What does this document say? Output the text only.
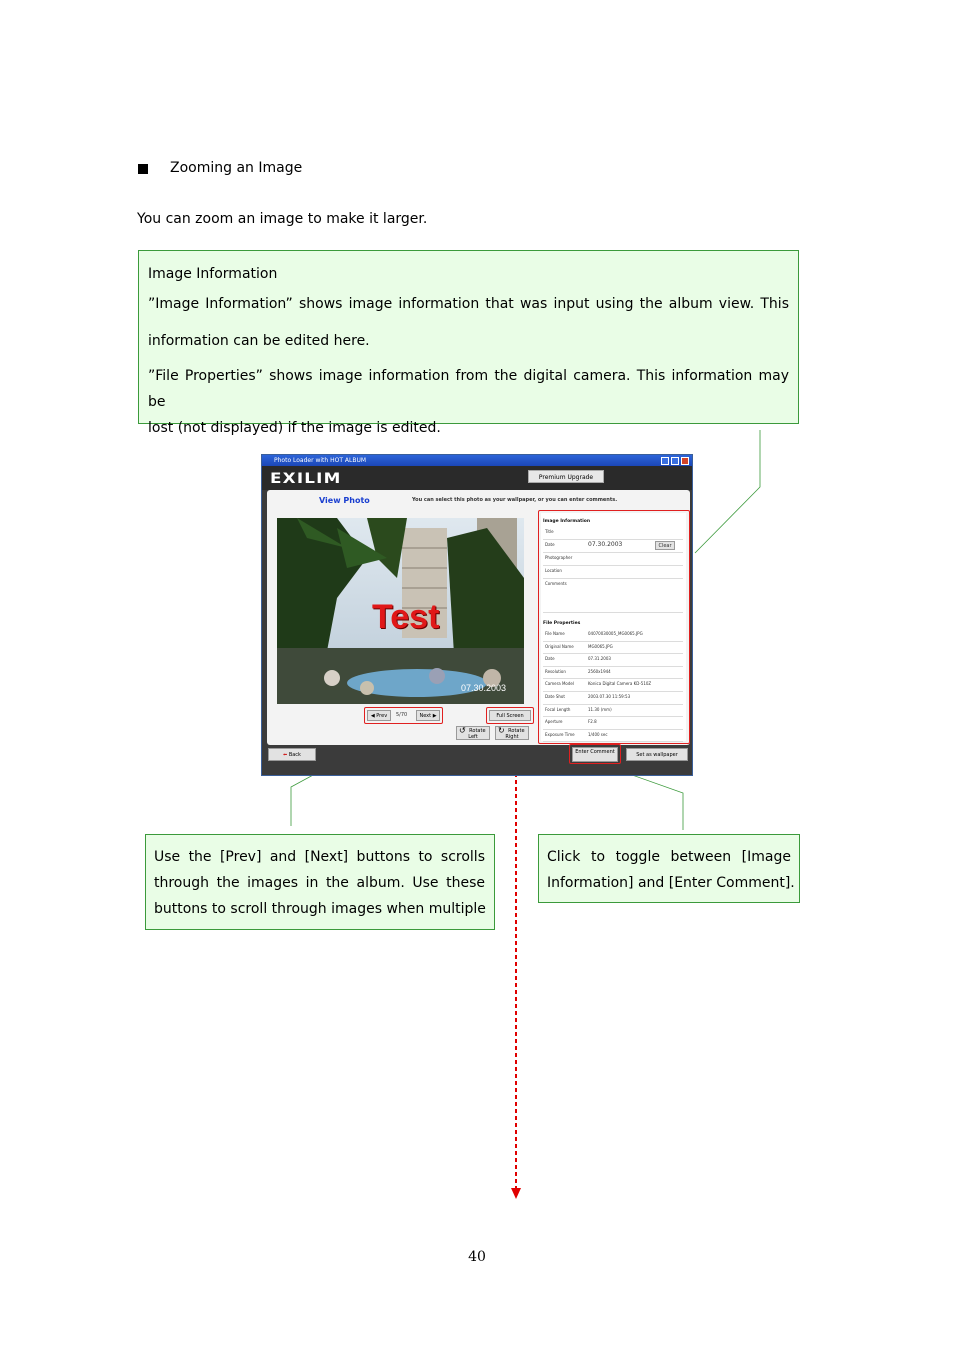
Zooming an Image
You can zoom an image to make it larger.

Image Information

”Image Information” shows image information that was input using the album view. This

information can be edited here.

”File Properties” shows image information from the digital camera. This information may be

lost (not displayed) if the image is edited.

Photo Loader with HOT ALBUM
EXILIM	Premium Upgrade
View Photo	You can select this photo as your wallpaper, or you can enter comments.
Test
07.30.2003
◀ Prev	5/70	Next ▶	Full Screen
↺ Rotate Left
↻ Rotate Right
Image Information
Title
Date	07.30.2003	Clear
Photographer
Location
Comments
File Properties
File Name	04070030005_MG0065.JPG
Original Name	MG0065.JPG
Date	07.31.2003
Resolution	2560x1944
Camera Model	Konica Digital Camera KD-510Z
Date Shot	2003.07.30 11:59:53
Focal Length	11.30 (mm)
Aperture	F2.8
Exposure Time	1/400 sec
⬅ Back	Enter Comment	Set as wallpaper
Use the [Prev] and [Next] buttons to scrolls
through the images in the album. Use these
buttons to scroll through images when multiple
Click to toggle between [Image
Information] and [Enter Comment].
40
